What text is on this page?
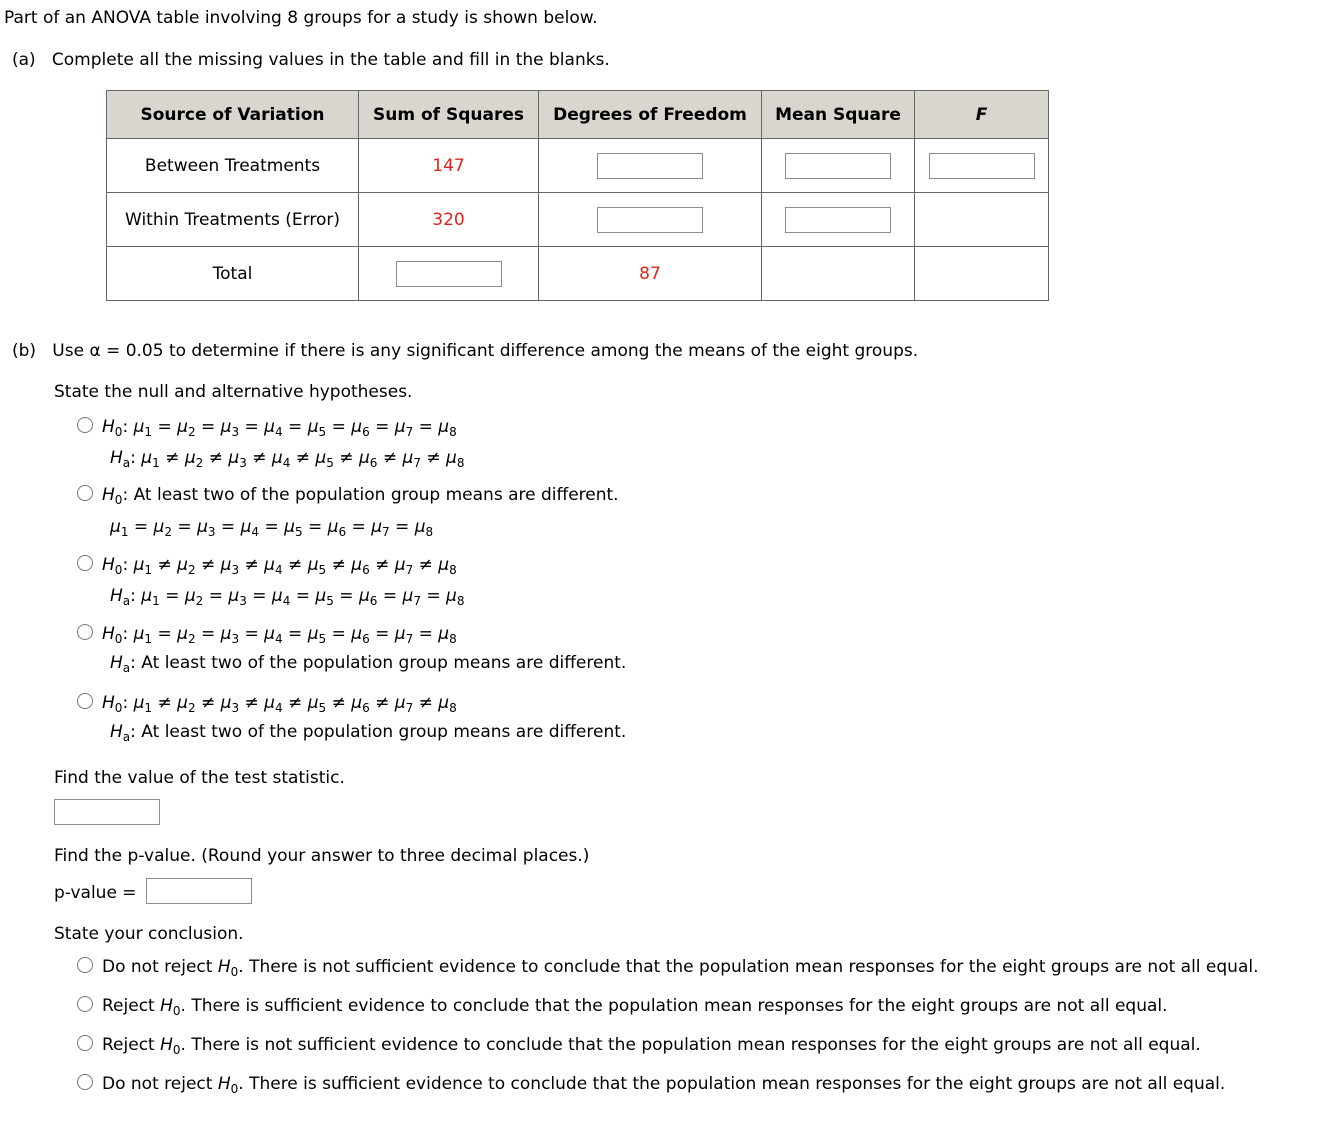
Part of an ANOVA table involving 8 groups for a study is shown below.
(a) Complete all the missing values in the table and fill in the blanks.
Source of Variation	Sum of Squares	Degrees of Freedom	Mean Square	F
Between Treatments	147			
Within Treatments (Error)	320			
Total		87		
(b) Use α = 0.05 to determine if there is any significant difference among the means of the eight groups.
State the null and alternative hypotheses.
$H_0$: $\mu_1 = \mu_2 = \mu_3 = \mu_4 = \mu_5 = \mu_6 = \mu_7 = \mu_8$
$H_a$: $\mu_1 \ne \mu_2 \ne \mu_3 \ne \mu_4 \ne \mu_5 \ne \mu_6 \ne \mu_7 \ne \mu_8$
$H_0$: At least two of the population group means are different.
$\mu_1 = \mu_2 = \mu_3 = \mu_4 = \mu_5 = \mu_6 = \mu_7 = \mu_8$
$H_0$: $\mu_1 \ne \mu_2 \ne \mu_3 \ne \mu_4 \ne \mu_5 \ne \mu_6 \ne \mu_7 \ne \mu_8$
$H_a$: $\mu_1 = \mu_2 = \mu_3 = \mu_4 = \mu_5 = \mu_6 = \mu_7 = \mu_8$
$H_0$: $\mu_1 = \mu_2 = \mu_3 = \mu_4 = \mu_5 = \mu_6 = \mu_7 = \mu_8$
$H_a$: At least two of the population group means are different.
$H_0$: $\mu_1 \ne \mu_2 \ne \mu_3 \ne \mu_4 \ne \mu_5 \ne \mu_6 \ne \mu_7 \ne \mu_8$
$H_a$: At least two of the population group means are different.
Find the value of the test statistic.
Find the p-value. (Round your answer to three decimal places.)
p-value =
State your conclusion.
Do not reject $H_0$. There is not sufficient evidence to conclude that the population mean responses for the eight groups are not all equal.
Reject $H_0$. There is sufficient evidence to conclude that the population mean responses for the eight groups are not all equal.
Reject $H_0$. There is not sufficient evidence to conclude that the population mean responses for the eight groups are not all equal.
Do not reject $H_0$. There is sufficient evidence to conclude that the population mean responses for the eight groups are not all equal.
